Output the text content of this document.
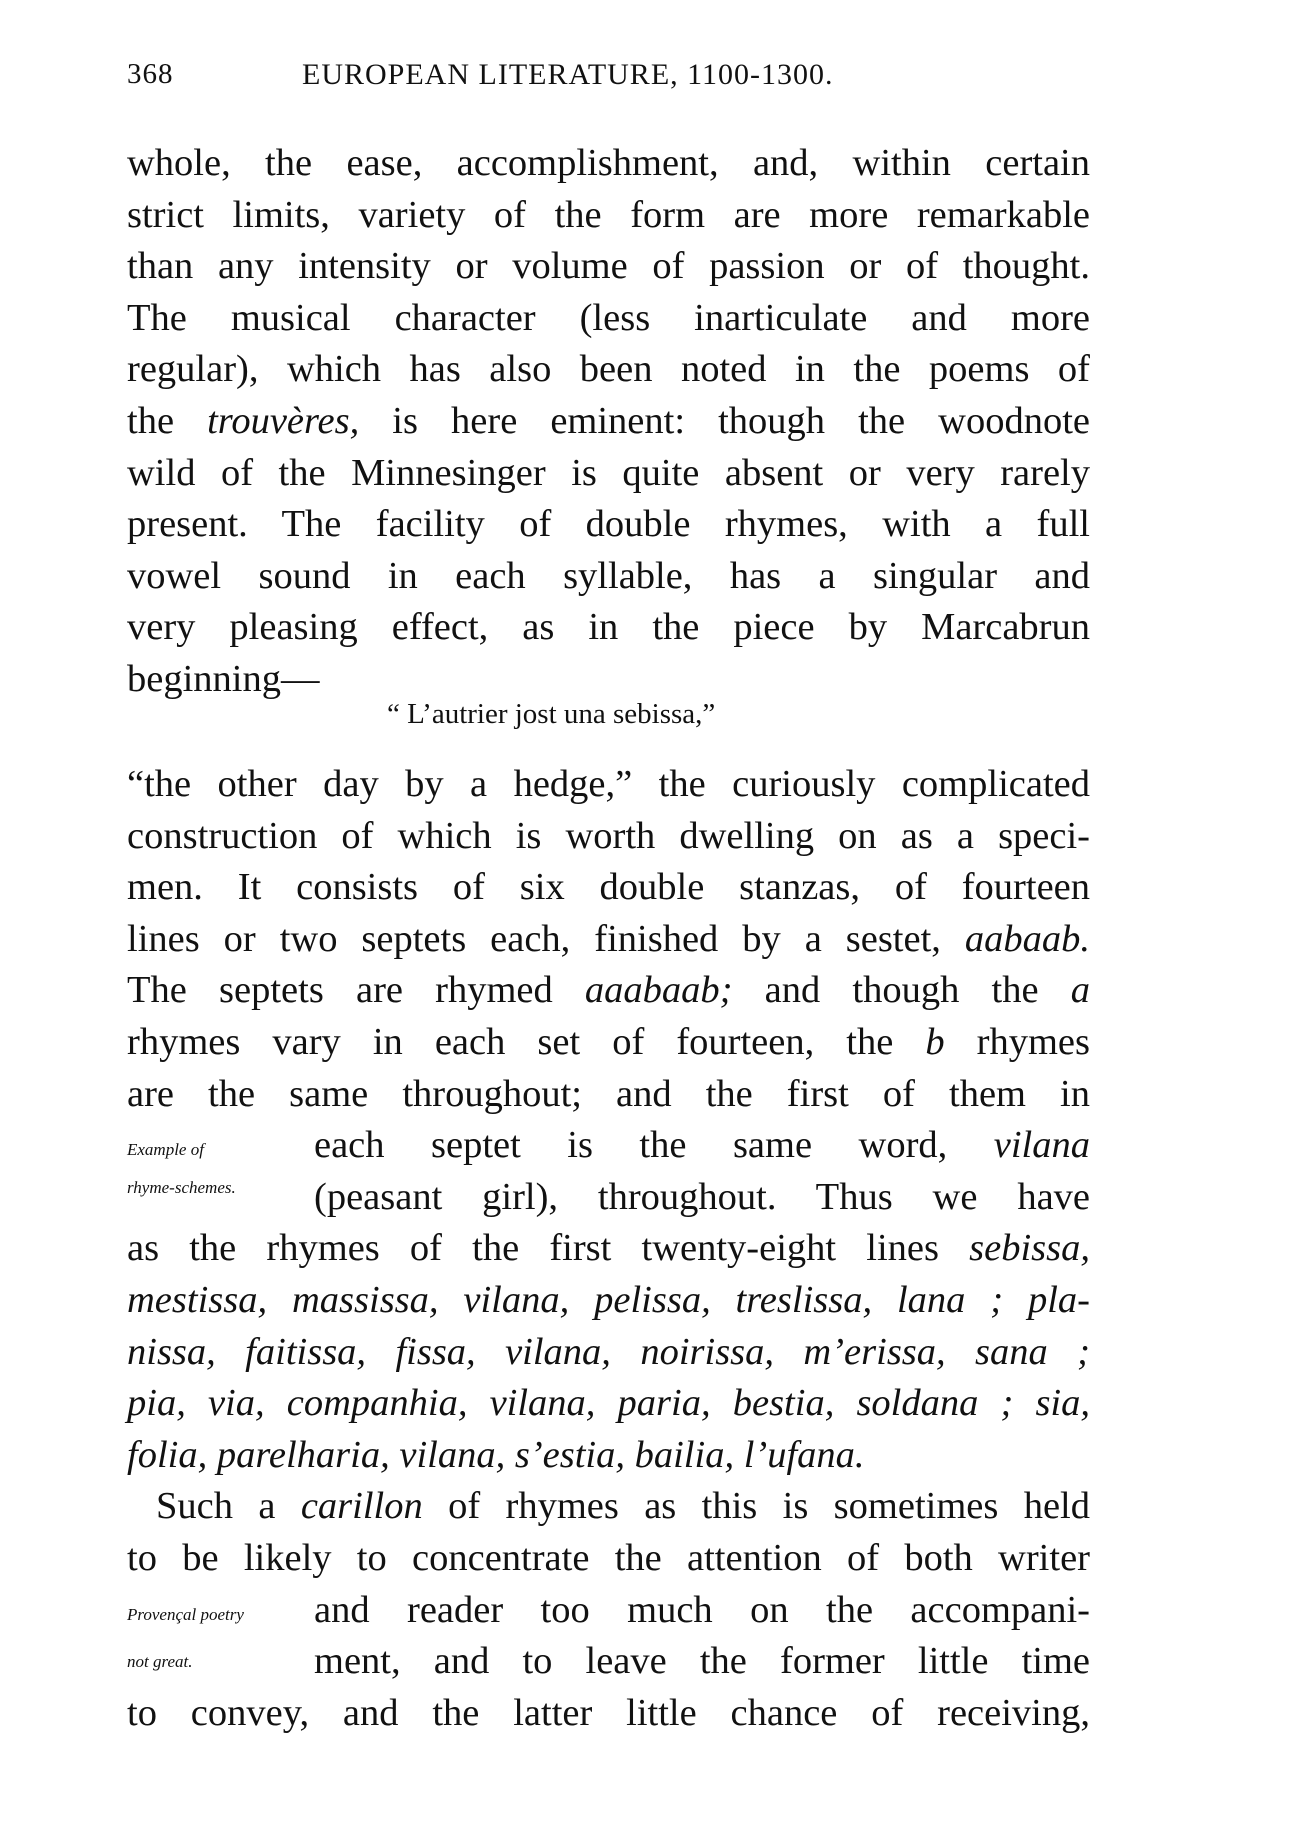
368	EUROPEAN LITERATURE, 1100-1300.
whole, the ease, accomplishment, and, within certain
strict limits, variety of the form are more remarkable
than any intensity or volume of passion or of thought.
The musical character (less inarticulate and more
regular), which has also been noted in the poems of
the trouvères, is here eminent: though the woodnote
wild of the Minnesinger is quite absent or very rarely
present. The facility of double rhymes, with a full
vowel sound in each syllable, has a singular and
very pleasing effect, as in the piece by Marcabrun
beginning—
“ L’autrier jost una sebissa,”
“the other day by a hedge,” the curiously complicated
construction of which is worth dwelling on as a speci-
men. It consists of six double stanzas, of fourteen
lines or two septets each, finished by a sestet, aabaab.
The septets are rhymed aaabaab; and though the a
rhymes vary in each set of fourteen, the b rhymes
are the same throughout; and the first of them in
each septet is the same word, vilana
(peasant girl), throughout. Thus we have
as the rhymes of the first twenty-eight lines sebissa,
mestissa, massissa, vilana, pelissa, treslissa, lana ; pla-
nissa, faitissa, fissa, vilana, noirissa, m’erissa, sana ;
pia, via, companhia, vilana, paria, bestia, soldana ; sia,
folia, parelharia, vilana, s’estia, bailia, l’ufana.
Such a carillon of rhymes as this is sometimes held
to be likely to concentrate the attention of both writer
and reader too much on the accompani-
ment, and to leave the former little time
to convey, and the latter little chance of receiving,
Example of
rhyme-schemes.
Provençal poetry
not great.
